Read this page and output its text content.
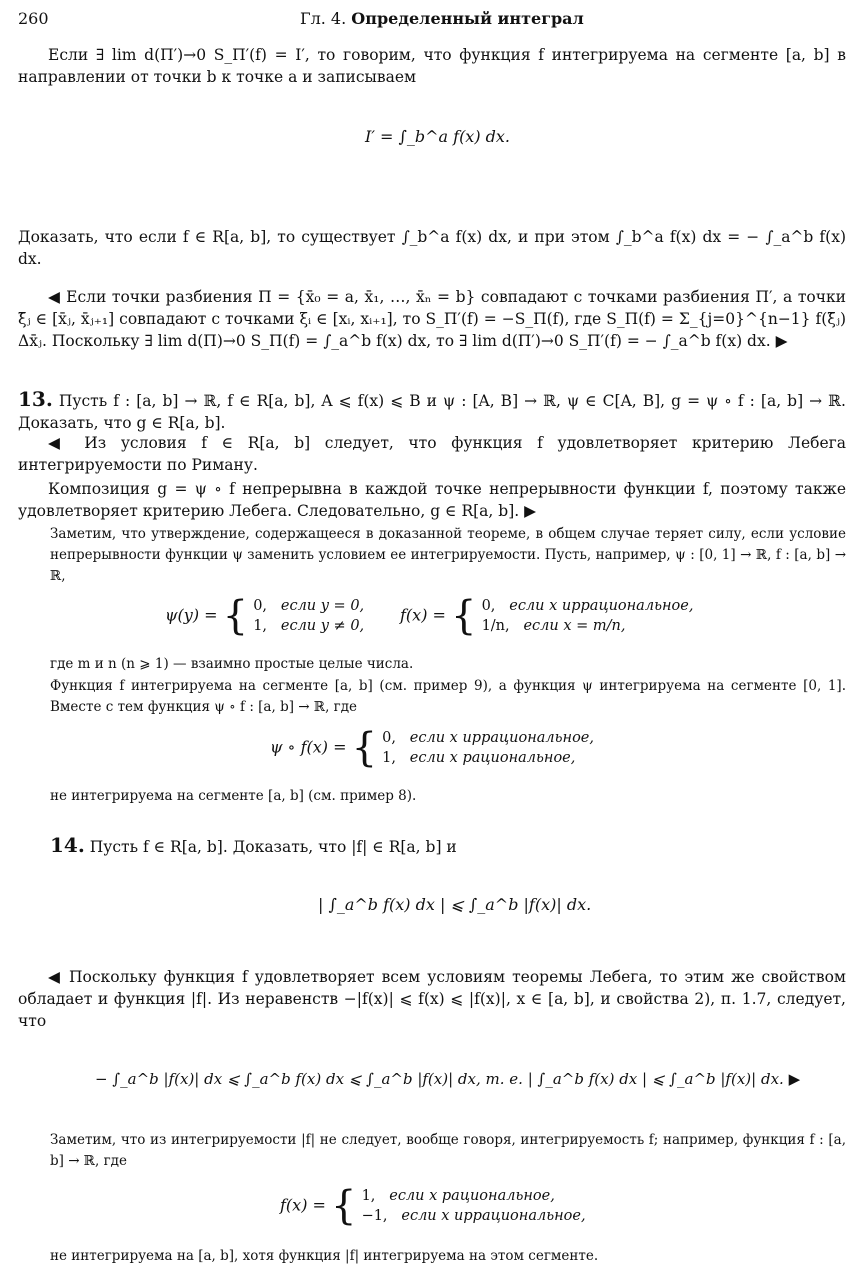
260	Гл. 4. Определенный интеграл
Если ∃ lim d(Π′)→0 S_Π′(f) = I′, то говорим, что функция f интегрируема на сегменте [a, b] в направлении от точки b к точке a и записываем
I′ = ∫_b^a f(x) dx.
Доказать, что если f ∈ R[a, b], то существует ∫_b^a f(x) dx, и при этом ∫_b^a f(x) dx = − ∫_a^b f(x) dx.
◀ Если точки разбиения Π = {x̄₀ = a, x̄₁, …, x̄ₙ = b} совпадают с точками разбиения Π′, а точки ξ̄ⱼ ∈ [x̄ⱼ, x̄ⱼ₊₁] совпадают с точками ξᵢ ∈ [xᵢ, xᵢ₊₁], то S_Π′(f) = −S_Π(f), где S_Π(f) = Σ_{j=0}^{n−1} f(ξ̄ⱼ) Δx̄ⱼ. Поскольку ∃ lim d(Π)→0 S_Π(f) = ∫_a^b f(x) dx, то ∃ lim d(Π′)→0 S_Π′(f) = − ∫_a^b f(x) dx. ▶
13. Пусть f : [a, b] → ℝ, f ∈ R[a, b], A ⩽ f(x) ⩽ B и ψ : [A, B] → ℝ, ψ ∈ C[A, B], g = ψ ∘ f : [a, b] → ℝ. Доказать, что g ∈ R[a, b].
◀ Из условия f ∈ R[a, b] следует, что функция f удовлетворяет критерию Лебега интегрируемости по Риману.
Композиция g = ψ ∘ f непрерывна в каждой точке непрерывности функции f, поэтому также удовлетворяет критерию Лебега. Следовательно, g ∈ R[a, b]. ▶
Заметим, что утверждение, содержащееся в доказанной теореме, в общем случае теряет силу, если условие непрерывности функции ψ заменить условием ее интегрируемости. Пусть, например, ψ : [0, 1] → ℝ, f : [a, b] → ℝ,
ψ(y) = { 0, если y = 0,
1, если y ≠ 0,
f(x) = { 0, если x иррациональное,
1/n, если x = m/n,
где m и n (n ⩾ 1) — взаимно простые целые числа.
Функция f интегрируема на сегменте [a, b] (см. пример 9), а функция ψ интегрируема на сегменте [0, 1]. Вместе с тем функция ψ ∘ f : [a, b] → ℝ, где
ψ ∘ f(x) = { 0, если x иррациональное,
1, если x рациональное,
не интегрируема на сегменте [a, b] (см. пример 8).
14. Пусть f ∈ R[a, b]. Доказать, что |f| ∈ R[a, b] и
| ∫_a^b f(x) dx | ⩽ ∫_a^b |f(x)| dx.
◀ Поскольку функция f удовлетворяет всем условиям теоремы Лебега, то этим же свойством обладает и функция |f|. Из неравенств −|f(x)| ⩽ f(x) ⩽ |f(x)|, x ∈ [a, b], и свойства 2), п. 1.7, следует, что
− ∫_a^b |f(x)| dx ⩽ ∫_a^b f(x) dx ⩽ ∫_a^b |f(x)| dx, т. е. | ∫_a^b f(x) dx | ⩽ ∫_a^b |f(x)| dx. ▶
Заметим, что из интегрируемости |f| не следует, вообще говоря, интегрируемость f; например, функция f : [a, b] → ℝ, где
f(x) = { 1, если x рациональное,
−1, если x иррациональное,
не интегрируема на [a, b], хотя функция |f| интегрируема на этом сегменте.
